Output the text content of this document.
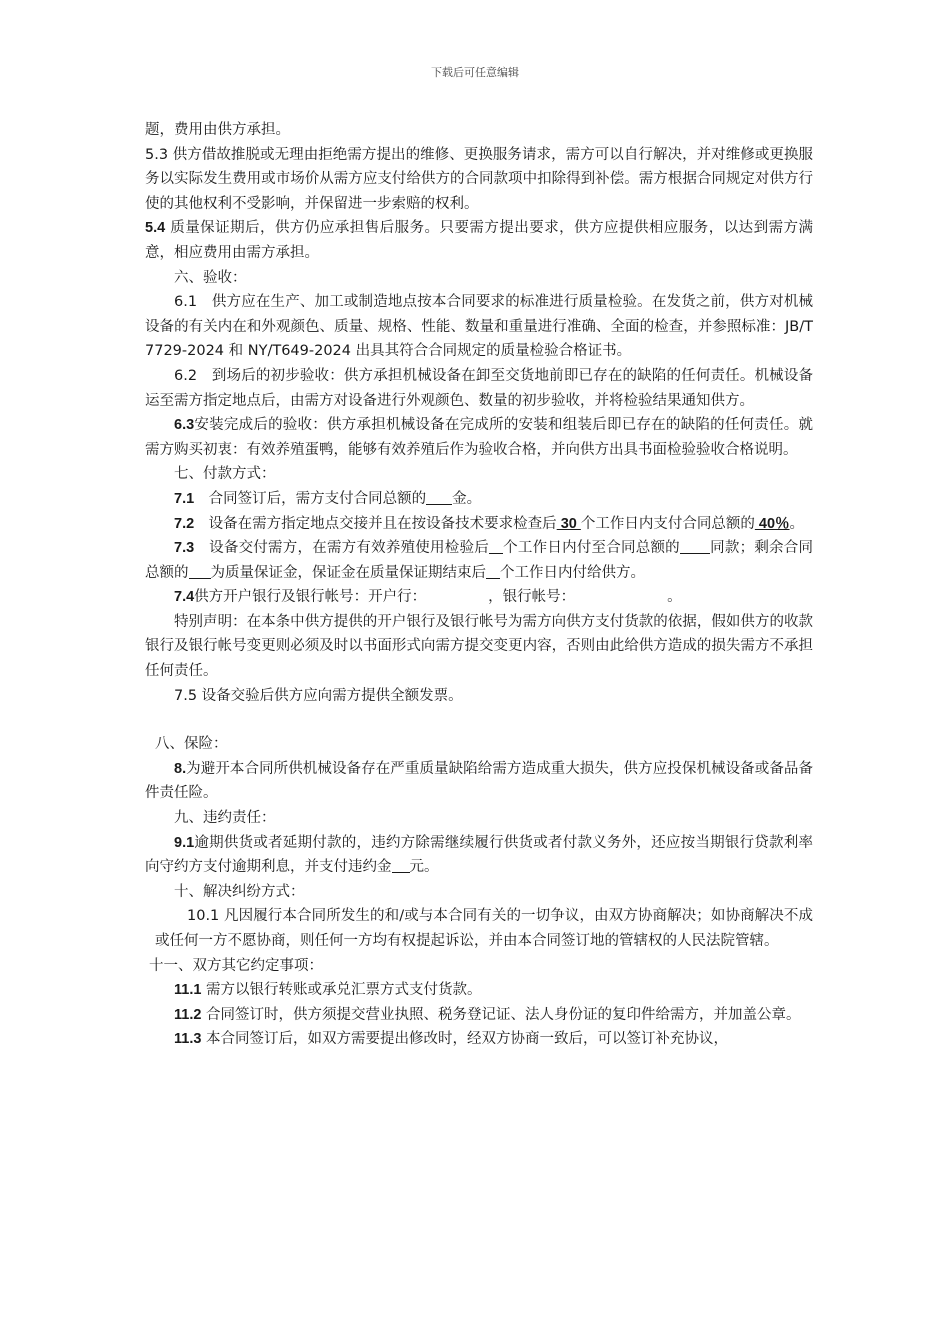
下载后可任意编辑

题，费用由供方承担。

5.3 供方借故推脱或无理由拒绝需方提出的维修、更换服务请求，需方可以自行解决，并对维修或更换服务以实际发生费用或市场价从需方应支付给供方的合同款项中扣除得到补偿。需方根据合同规定对供方行使的其他权利不受影响，并保留进一步索赔的权利。

5.4 质量保证期后，供方仍应承担售后服务。只要需方提出要求，供方应提供相应服务，以达到需方满意，相应费用由需方承担。

六、验收：

6.1　供方应在生产、加工或制造地点按本合同要求的标准进行质量检验。在发货之前，供方对机械设备的有关内在和外观颜色、质量、规格、性能、数量和重量进行准确、全面的检查，并参照标准：JB/T 7729-2024 和 NY/T649-2024 出具其符合合同规定的质量检验合格证书。

6.2　到场后的初步验收：供方承担机械设备在卸至交货地前即已存在的缺陷的任何责任。机械设备运至需方指定地点后，由需方对设备进行外观颜色、数量的初步验收，并将检验结果通知供方。

6.3安装完成后的验收：供方承担机械设备在完成所的安装和组装后即已存在的缺陷的任何责任。就需方购买初衷：有效养殖蛋鸭，能够有效养殖后作为验收合格，并向供方出具书面检验验收合格说明。

七、付款方式：

7.1　合同签订后，需方支付合同总额的 金。

7.2　设备在需方指定地点交接并且在按设备技术要求检查后 30 个工作日内支付合同总额的 40％。

7.3　设备交付需方，在需方有效养殖使用检验后 个工作日内付至合同总额的 同款；剩余合同总额的 为质量保证金，保证金在质量保证期结束后 个工作日内付给供方。

7.4供方开户银行及银行帐号：开户行：	，银行帐号：	。

特别声明：在本条中供方提供的开户银行及银行帐号为需方向供方支付货款的依据，假如供方的收款银行及银行帐号变更则必须及时以书面形式向需方提交变更内容，否则由此给供方造成的损失需方不承担任何责任。

7.5 设备交验后供方应向需方提供全额发票。

八、保险：

8.为避开本合同所供机械设备存在严重质量缺陷给需方造成重大损失，供方应投保机械设备或备品备件责任险。

九、违约责任：

9.1逾期供货或者延期付款的，违约方除需继续履行供货或者付款义务外，还应按当期银行贷款利率向守约方支付逾期利息，并支付违约金 元。

十、解决纠纷方式：

10.1 凡因履行本合同所发生的和/或与本合同有关的一切争议，由双方协商解决；如协商解决不成或任何一方不愿协商，则任何一方均有权提起诉讼，并由本合同签订地的管辖权的人民法院管辖。

十一、双方其它约定事项：

11.1 需方以银行转账或承兑汇票方式支付货款。

11.2 合同签订时，供方须提交营业执照、税务登记证、法人身份证的复印件给需方，并加盖公章。

11.3 本合同签订后，如双方需要提出修改时，经双方协商一致后，可以签订补充协议，
